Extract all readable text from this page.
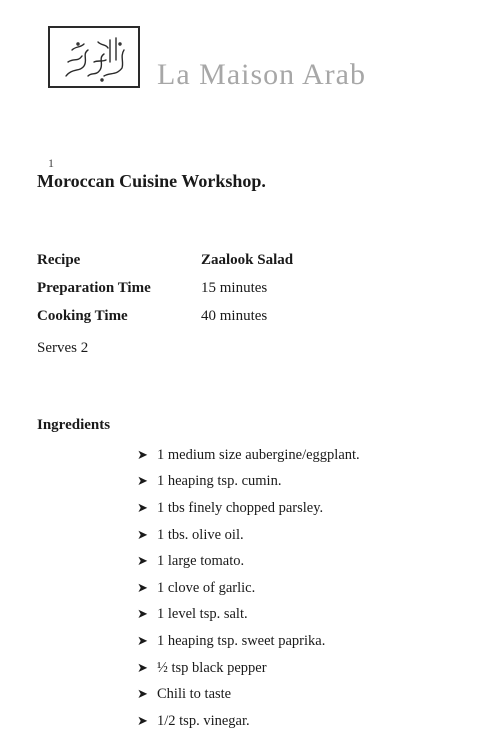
La Maison Arab
1
Moroccan Cuisine Workshop.
Recipe	Zaalook Salad
Preparation Time	15 minutes
Cooking Time	40 minutes
Serves 2
Ingredients
➤ 1 medium size aubergine/eggplant.
➤ 1 heaping tsp. cumin.
➤ 1 tbs finely chopped parsley.
➤ 1 tbs. olive oil.
➤ 1 large tomato.
➤ 1 clove of garlic.
➤ 1 level tsp. salt.
➤ 1 heaping tsp. sweet paprika.
➤ ½ tsp black pepper
➤ Chili to taste
➤ 1/2 tsp. vinegar.
